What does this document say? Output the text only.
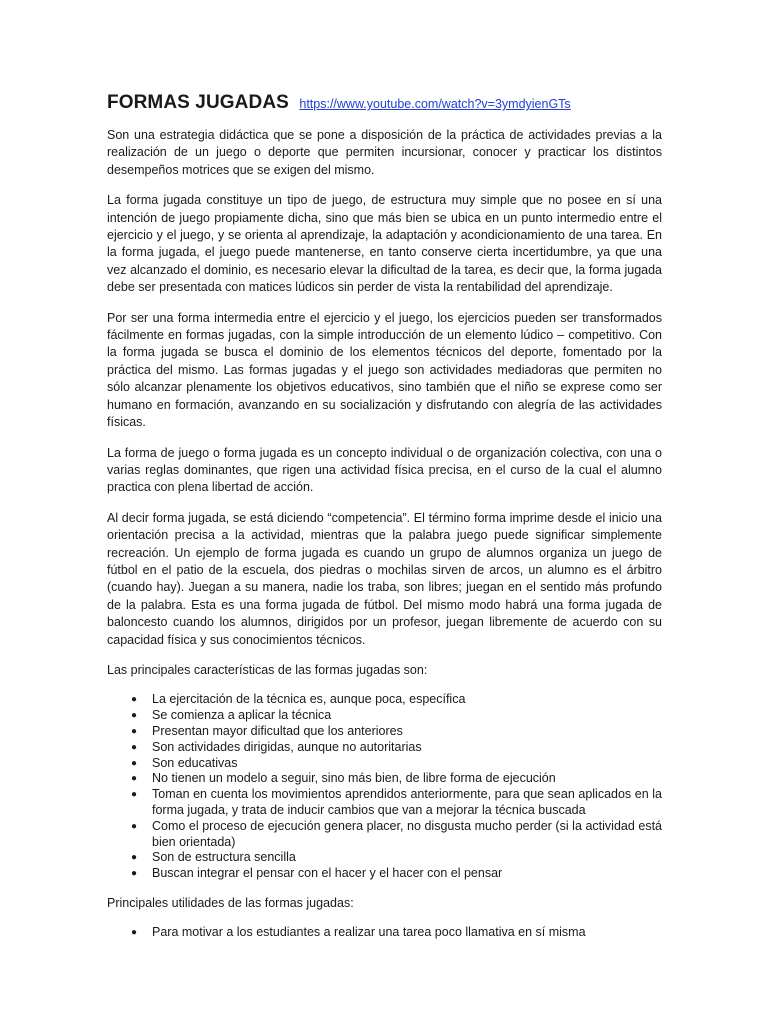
FORMAS JUGADAS https://www.youtube.com/watch?v=3ymdyienGTs

Son una estrategia didáctica que se pone a disposición de la práctica de actividades previas a la realización de un juego o deporte que permiten incursionar, conocer y practicar los distintos desempeños motrices que se exigen del mismo.

La forma jugada constituye un tipo de juego, de estructura muy simple que no posee en sí una intención de juego propiamente dicha, sino que más bien se ubica en un punto intermedio entre el ejercicio y el juego, y se orienta al aprendizaje, la adaptación y acondicionamiento de una tarea. En la forma jugada, el juego puede mantenerse, en tanto conserve cierta incertidumbre, ya que una vez alcanzado el dominio, es necesario elevar la dificultad de la tarea, es decir que, la forma jugada debe ser presentada con matices lúdicos sin perder de vista la rentabilidad del aprendizaje.

Por ser una forma intermedia entre el ejercicio y el juego, los ejercicios pueden ser transformados fácilmente en formas jugadas, con la simple introducción de un elemento lúdico – competitivo. Con la forma jugada se busca el dominio de los elementos técnicos del deporte, fomentado por la práctica del mismo. Las formas jugadas y el juego son actividades mediadoras que permiten no sólo alcanzar plenamente los objetivos educativos, sino también que el niño se exprese como ser humano en formación, avanzando en su socialización y disfrutando con alegría de las actividades físicas.

La forma de juego o forma jugada es un concepto individual o de organización colectiva, con una o varias reglas dominantes, que rigen una actividad física precisa, en el curso de la cual el alumno practica con plena libertad de acción.

Al decir forma jugada, se está diciendo “competencia”. El término forma imprime desde el inicio una orientación precisa a la actividad, mientras que la palabra juego puede significar simplemente recreación. Un ejemplo de forma jugada es cuando un grupo de alumnos organiza un juego de fútbol en el patio de la escuela, dos piedras o mochilas sirven de arcos, un alumno es el árbitro (cuando hay). Juegan a su manera, nadie los traba, son libres; juegan en el sentido más profundo de la palabra. Esta es una forma jugada de fútbol. Del mismo modo habrá una forma jugada de baloncesto cuando los alumnos, dirigidos por un profesor, juegan libremente de acuerdo con su capacidad física y sus conocimientos técnicos.

Las principales características de las formas jugadas son:

● La ejercitación de la técnica es, aunque poca, específica
● Se comienza a aplicar la técnica
● Presentan mayor dificultad que los anteriores
● Son actividades dirigidas, aunque no autoritarias
● Son educativas
● No tienen un modelo a seguir, sino más bien, de libre forma de ejecución
● Toman en cuenta los movimientos aprendidos anteriormente, para que sean aplicados en la forma jugada, y trata de inducir cambios que van a mejorar la técnica buscada
● Como el proceso de ejecución genera placer, no disgusta mucho perder (si la actividad está bien orientada)
● Son de estructura sencilla
● Buscan integrar el pensar con el hacer y el hacer con el pensar

Principales utilidades de las formas jugadas:

● Para motivar a los estudiantes a realizar una tarea poco llamativa en sí misma
